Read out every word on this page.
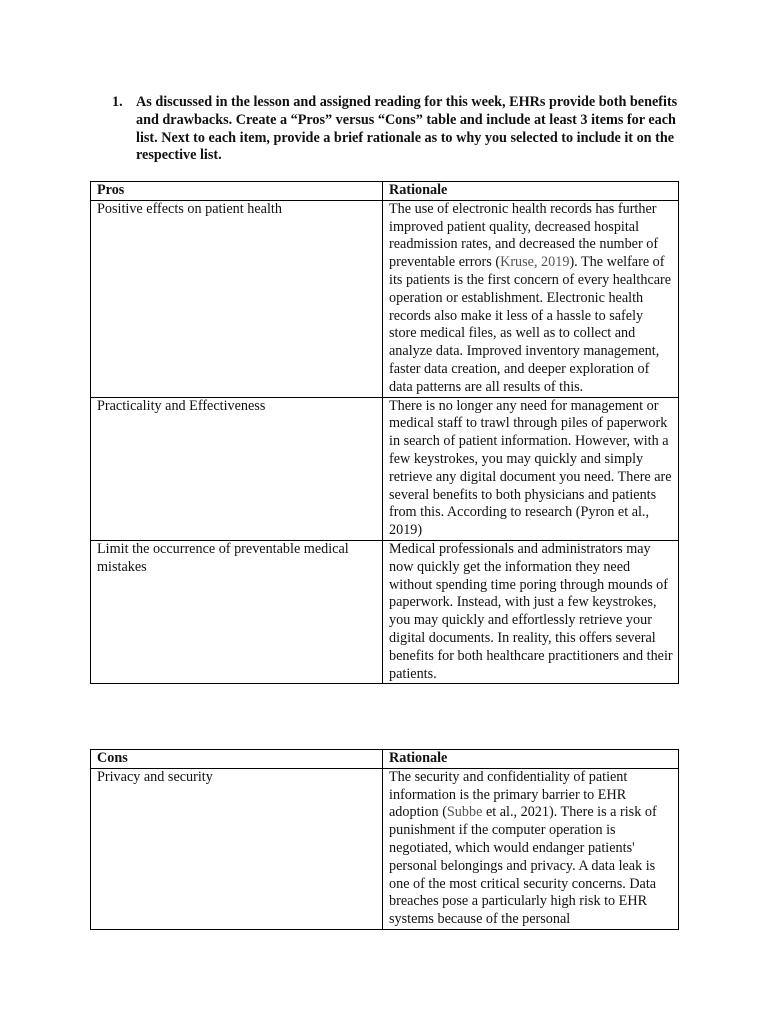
1. As discussed in the lesson and assigned reading for this week, EHRs provide both benefits and drawbacks. Create a “Pros” versus “Cons” table and include at least 3 items for each list. Next to each item, provide a brief rationale as to why you selected to include it on the respective list.
Pros	Rationale
Positive effects on patient health	The use of electronic health records has further improved patient quality, decreased hospital readmission rates, and decreased the number of preventable errors (Kruse, 2019). The welfare of its patients is the first concern of every healthcare operation or establishment. Electronic health records also make it less of a hassle to safely store medical files, as well as to collect and analyze data. Improved inventory management, faster data creation, and deeper exploration of data patterns are all results of this.
Practicality and Effectiveness	There is no longer any need for management or medical staff to trawl through piles of paperwork in search of patient information. However, with a few keystrokes, you may quickly and simply retrieve any digital document you need. There are several benefits to both physicians and patients from this. According to research (Pyron et al., 2019)
Limit the occurrence of preventable medical mistakes	Medical professionals and administrators may now quickly get the information they need without spending time poring through mounds of paperwork. Instead, with just a few keystrokes, you may quickly and effortlessly retrieve your digital documents. In reality, this offers several benefits for both healthcare practitioners and their patients.
Cons	Rationale
Privacy and security	The security and confidentiality of patient information is the primary barrier to EHR adoption (Subbe et al., 2021). There is a risk of punishment if the computer operation is negotiated, which would endanger patients' personal belongings and privacy. A data leak is one of the most critical security concerns. Data breaches pose a particularly high risk to EHR systems because of the personal
